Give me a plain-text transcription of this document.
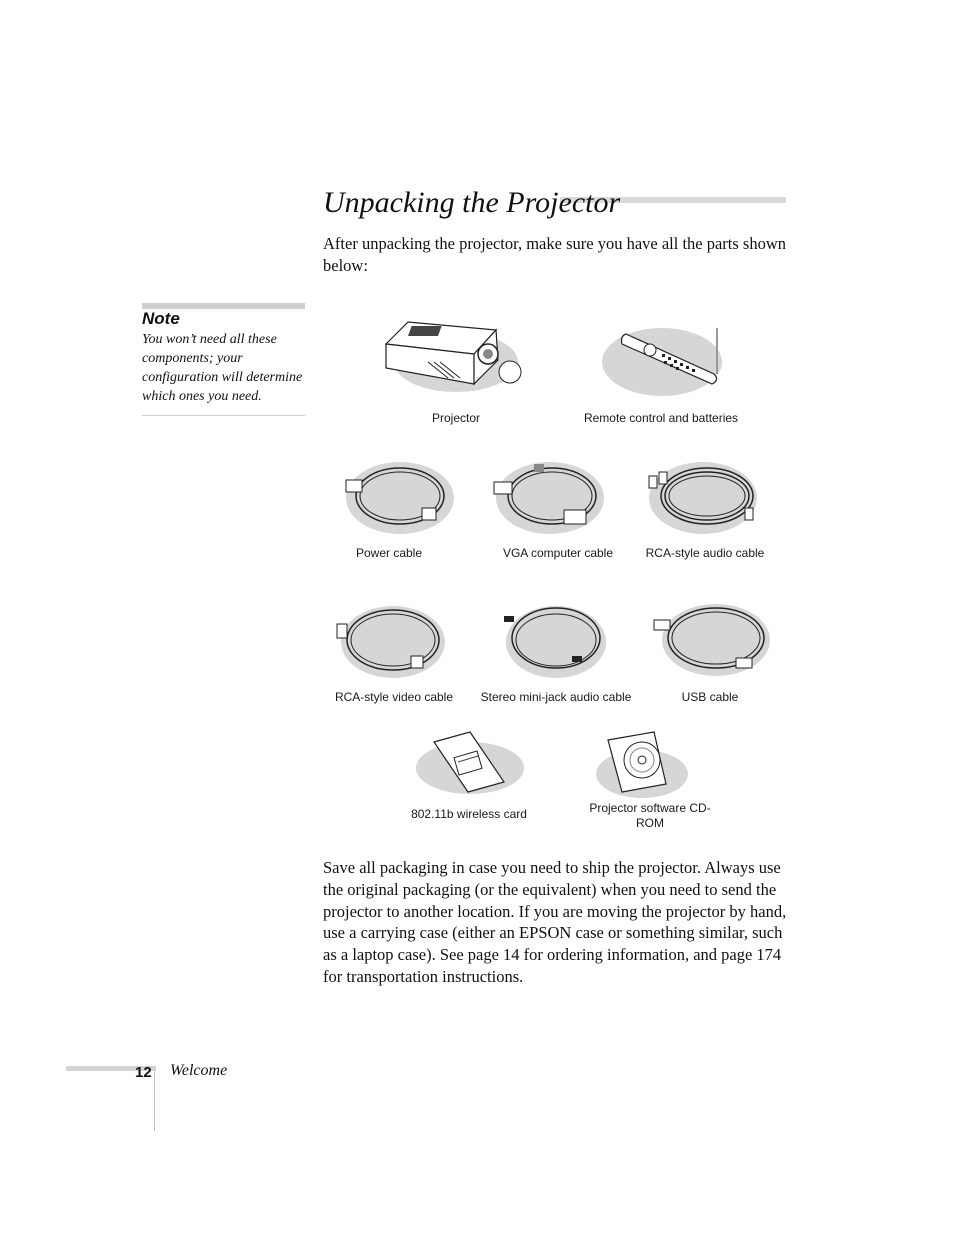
Unpacking the Projector
After unpacking the projector, make sure you have all the parts shown below:
Note
You won’t need all these components; your configuration will determine which ones you need.
Projector	Remote control and batteries
Power cable	VGA computer cable	RCA-style audio cable
RCA-style video cable	Stereo mini-jack audio cable	USB cable
802.11b wireless card	Projector software CD-ROM
Save all packaging in case you need to ship the projector. Always use the original packaging (or the equivalent) when you need to send the projector to another location. If you are moving the projector by hand, use a carrying case (either an EPSON case or something similar, such as a laptop case). See page 14 for ordering information, and page 174 for transportation instructions.
12 Welcome
